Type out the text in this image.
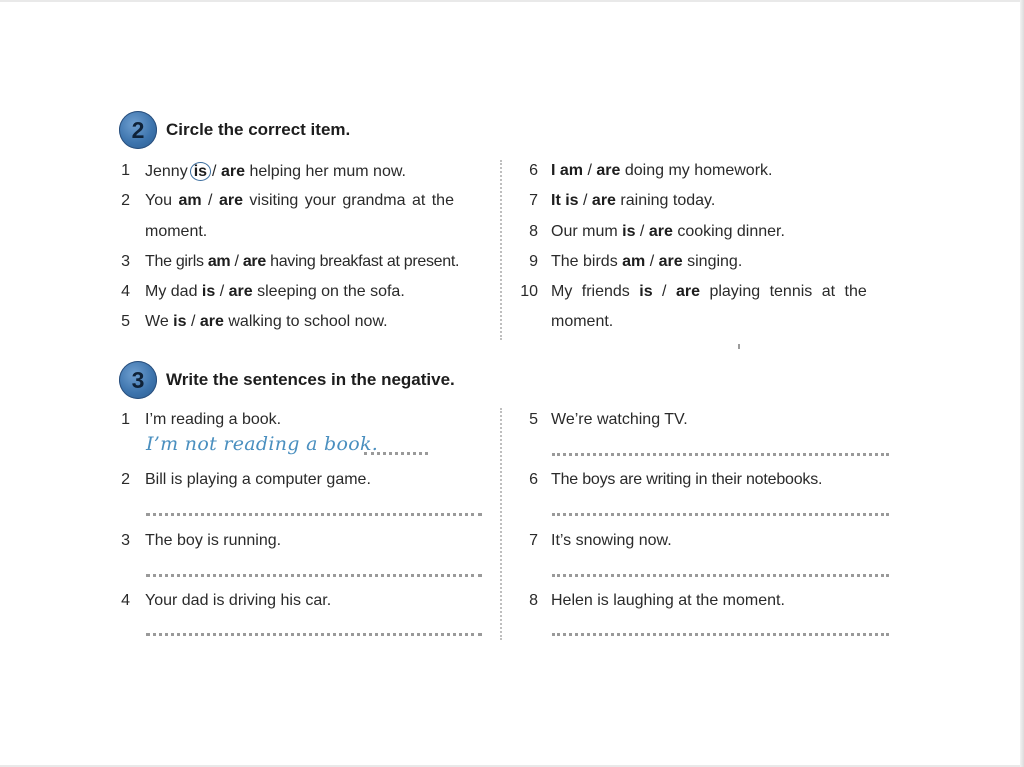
2	Circle the correct item.
1 Jenny is / are helping her mum now.
2 You am / are visiting your grandma at the
moment.
3 The girls am / are having breakfast at present.
4 My dad is / are sleeping on the sofa.
5 We is / are walking to school now.
6 I am / are doing my homework.
7 It is / are raining today.
8 Our mum is / are cooking dinner.
9 The birds am / are singing.
10 My friends is / are playing tennis at the
moment.
3	Write the sentences in the negative.
1 I’m reading a book.
I’m not reading a book.
2 Bill is playing a computer game.
3 The boy is running.
4 Your dad is driving his car.
5 We’re watching TV.
6 The boys are writing in their notebooks.
7 It’s snowing now.
8 Helen is laughing at the moment.
